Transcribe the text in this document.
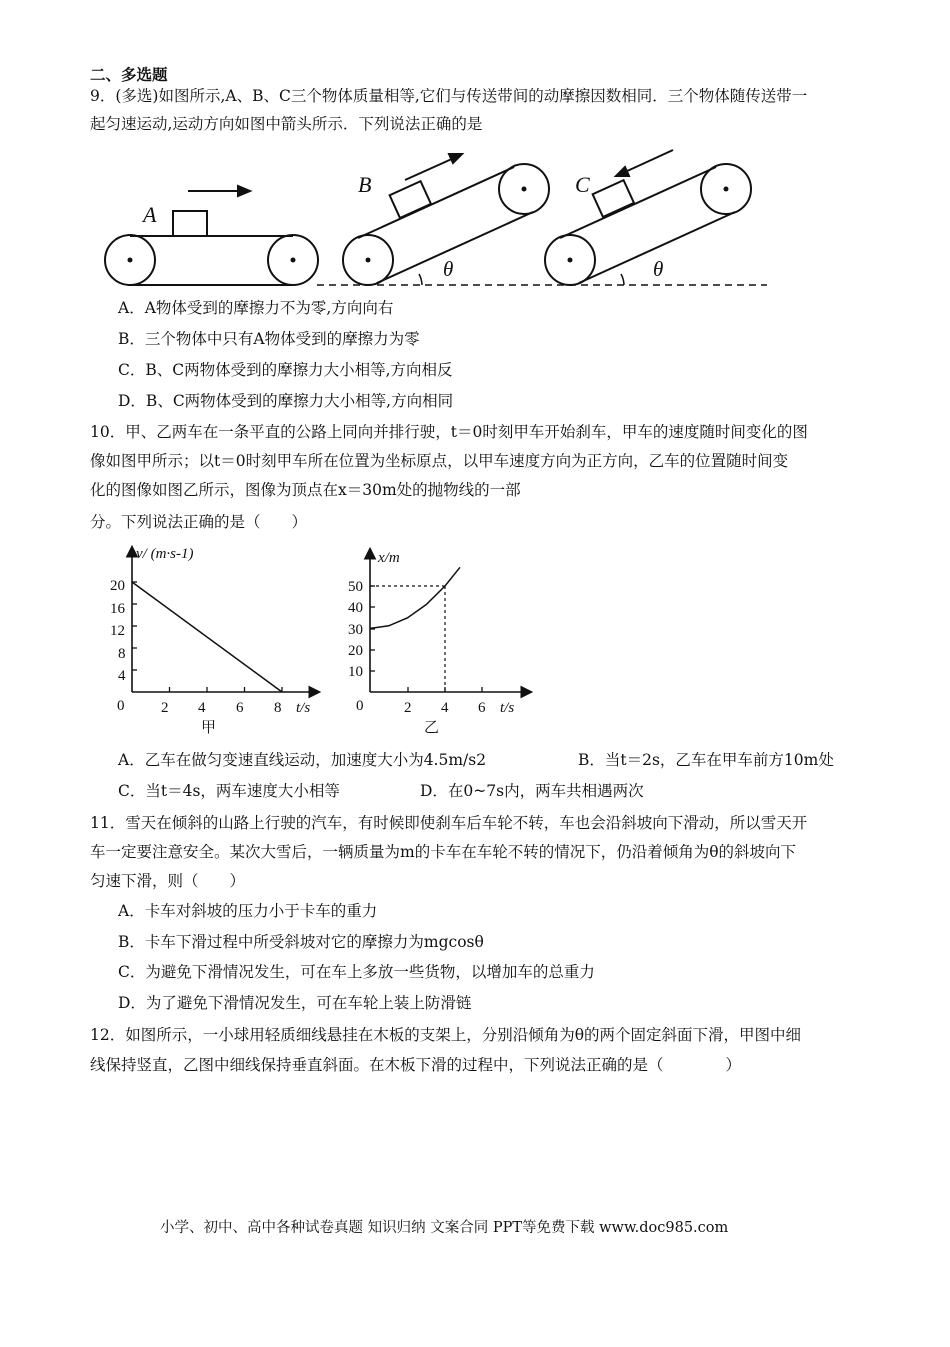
二、多选题
9．(多选)如图所示,A、B、C三个物体质量相等,它们与传送带间的动摩擦因数相同．三个物体随传送带一
起匀速运动,运动方向如图中箭头所示．下列说法正确的是
A
B	C
θ	θ
A．A物体受到的摩擦力不为零,方向向右
B．三个物体中只有A物体受到的摩擦力为零
C．B、C两物体受到的摩擦力大小相等,方向相反
D．B、C两物体受到的摩擦力大小相等,方向相同
10．甲、乙两车在一条平直的公路上同向并排行驶，t＝0时刻甲车开始刹车，甲车的速度随时间变化的图
像如图甲所示；以t＝0时刻甲车所在位置为坐标原点，以甲车速度方向为正方向，乙车的位置随时间变
化的图像如图乙所示，图像为顶点在x＝30m处的抛物线的一部
分。下列说法正确的是（　　）
v/ (m·s-1)
t/s
0
20
16
12
8
4
2 4 6 8
甲
x/m
t/s
0
50
40
30
20
10
2 4 6
乙
A．乙车在做匀变速直线运动，加速度大小为4.5m/s2	B．当t＝2s，乙车在甲车前方10m处
C．当t＝4s，两车速度大小相等	D．在0~7s内，两车共相遇两次
11．雪天在倾斜的山路上行驶的汽车，有时候即使刹车后车轮不转，车也会沿斜坡向下滑动，所以雪天开
车一定要注意安全。某次大雪后，一辆质量为m的卡车在车轮不转的情况下，仍沿着倾角为θ的斜坡向下
匀速下滑，则（　　）
A．卡车对斜坡的压力小于卡车的重力
B．卡车下滑过程中所受斜坡对它的摩擦力为mgcosθ
C．为避免下滑情况发生，可在车上多放一些货物，以增加车的总重力
D．为了避免下滑情况发生，可在车轮上装上防滑链
12．如图所示，一小球用轻质细线悬挂在木板的支架上，分别沿倾角为θ的两个固定斜面下滑，甲图中细
线保持竖直，乙图中细线保持垂直斜面。在木板下滑的过程中，下列说法正确的是（　　　　）
小学、初中、高中各种试卷真题 知识归纳 文案合同 PPT等免费下载 www.doc985.com
